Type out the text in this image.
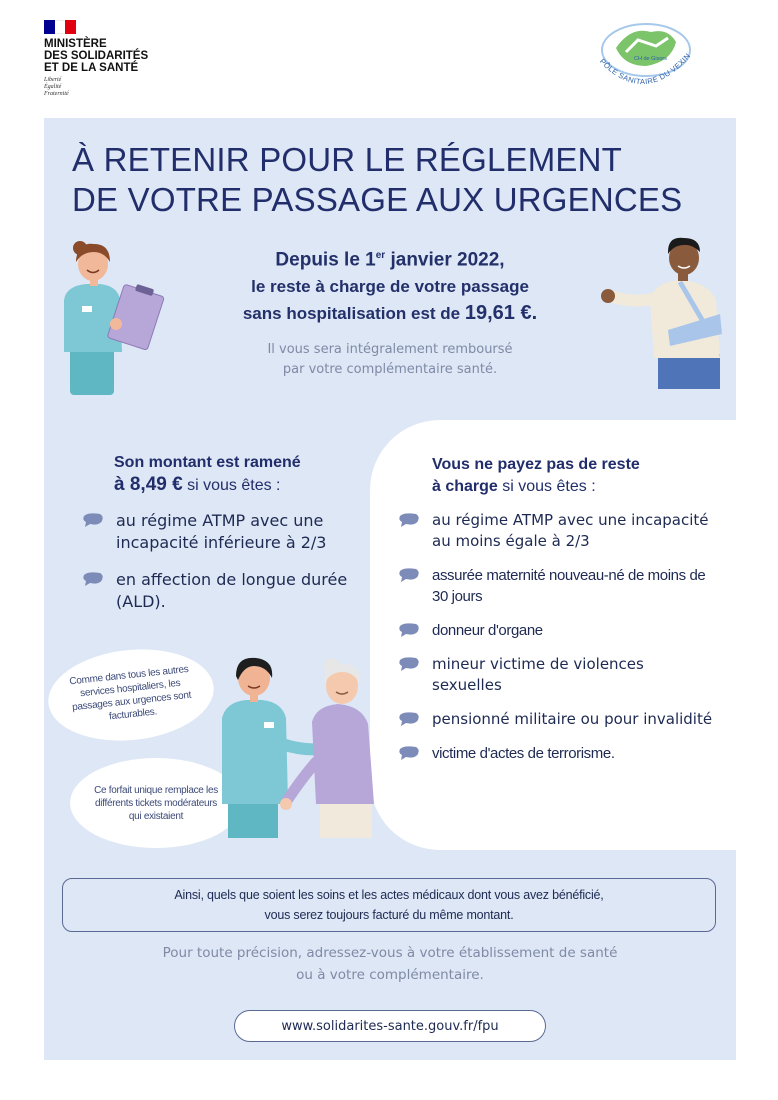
MINISTÈRE
DES SOLIDARITÉS
ET DE LA SANTÉ
Liberté
Égalité
Fraternité
CH de Gisors
PÔLE SANITAIRE DU VEXIN
À RETENIR POUR LE RÉGLEMENT
DE VOTRE PASSAGE AUX URGENCES
Depuis le 1er janvier 2022,
le reste à charge de votre passage
sans hospitalisation est de 19,61 €.
Il vous sera intégralement remboursé
par votre complémentaire santé.
Son montant est ramené
à 8,49 € si vous êtes :
au régime ATMP avec une incapacité inférieure à 2/3
en affection de longue durée (ALD).
Vous ne payez pas de reste
à charge si vous êtes :
au régime ATMP avec une incapacité au moins égale à 2/3
assurée maternité nouveau-né de moins de 30 jours
donneur d'organe
mineur victime de violences sexuelles
pensionné militaire ou pour invalidité
victime d'actes de terrorisme.
Comme dans tous les autres services hospitaliers, les passages aux urgences sont facturables.
Ce forfait unique remplace les différents tickets modérateurs qui existaient
Ainsi, quels que soient les soins et les actes médicaux dont vous avez bénéficié,
vous serez toujours facturé du même montant.
Pour toute précision, adressez-vous à votre établissement de santé
ou à votre complémentaire.
www.solidarites-sante.gouv.fr/fpu
